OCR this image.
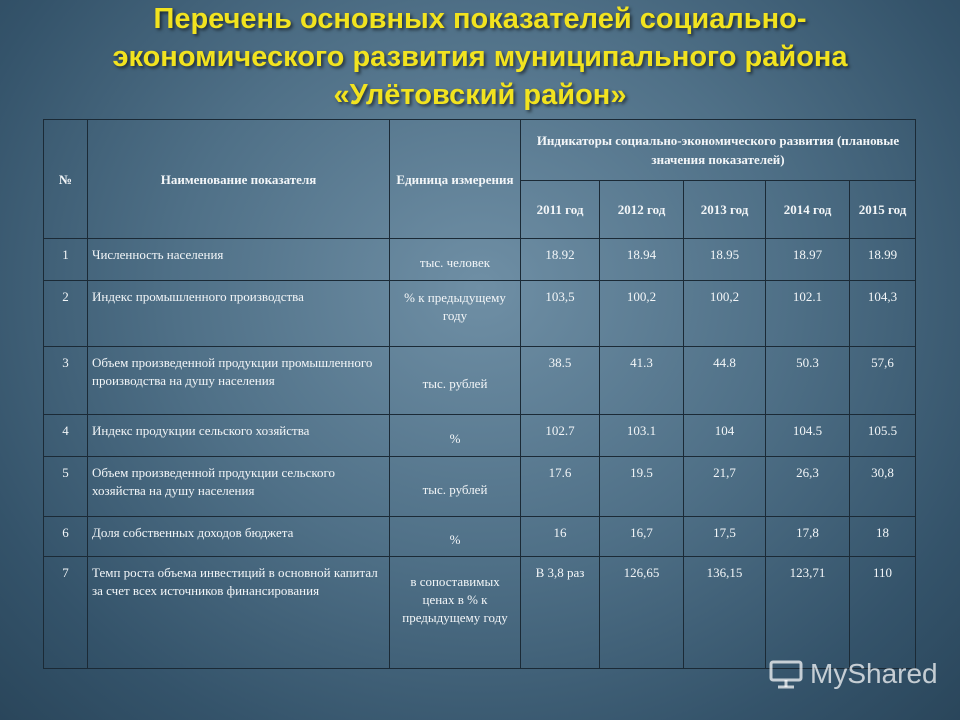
Перечень основных показателей социально-
экономического развития муниципального района
«Улётовский район»
№	Наименование показателя	Единица измерения	Индикаторы социально-экономического развития (плановые значения показателей)				
			2011 год	2012 год	2013 год	2014 год	2015 год
1	Численность населения	тыс. человек	18.92	18.94	18.95	18.97	18.99
2	Индекс промышленного производства	% к предыдущему году	103,5	100,2	100,2	102.1	104,3
3	Объем произведенной продукции промышленного производства на душу населения	тыс. рублей	38.5	41.3	44.8	50.3	57,6
4	Индекс продукции сельского хозяйства	%	102.7	103.1	104	104.5	105.5
5	Объем произведенной продукции сельского хозяйства на душу населения	тыс. рублей	17.6	19.5	21,7	26,3	30,8
6	Доля собственных доходов бюджета	%	16	16,7	17,5	17,8	18
7	Темп роста объема инвестиций в основной капитал за счет всех источников финансирования	в сопоставимых ценах в % к предыдущему году	В 3,8 раз	126,65	136,15	123,71	110
MyShared
